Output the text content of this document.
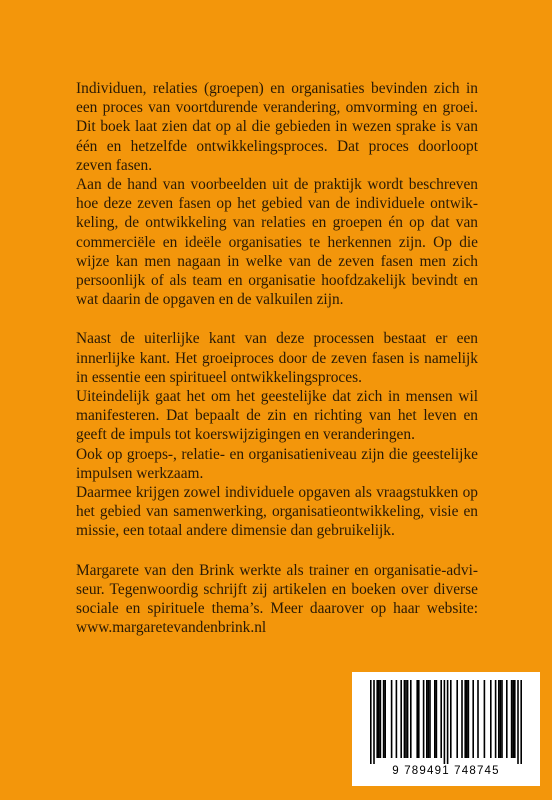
Individuen, relaties (groepen) en organisaties bevinden zich in een proces van voortdurende verandering, omvorming en groei. Dit boek laat zien dat op al die gebieden in wezen sprake is van één en hetzelfde ontwikkelingsproces. Dat proces doorloopt zeven fasen.

Aan de hand van voorbeelden uit de praktijk wordt beschreven hoe deze zeven fasen op het gebied van de individuele ontwikkeling, de ontwikkeling van relaties en groepen én op dat van commerciële en ideële organisaties te herkennen zijn. Op die wijze kan men nagaan in welke van de zeven fasen men zich persoonlijk of als team en organisatie hoofdzakelijk bevindt en wat daarin de opgaven en de valkuilen zijn.

Naast de uiterlijke kant van deze processen bestaat er een innerlijke kant. Het groeiproces door de zeven fasen is namelijk in essentie een spiritueel ontwikkelingsproces.

Uiteindelijk gaat het om het geestelijke dat zich in mensen wil manifesteren. Dat bepaalt de zin en richting van het leven en geeft de impuls tot koerswijzigingen en veranderingen.

Ook op groeps-, relatie- en organisatieniveau zijn die geestelijke impulsen werkzaam.

Daarmee krijgen zowel individuele opgaven als vraagstukken op het gebied van samenwerking, organisatieontwikkeling, visie en missie, een totaal andere dimensie dan gebruikelijk.

Margarete van den Brink werkte als trainer en organisatie-adviseur. Tegenwoordig schrijft zij artikelen en boeken over diverse sociale en spirituele thema’s. Meer daarover op haar website: www.margaretevandenbrink.nl

9 789491 748745
